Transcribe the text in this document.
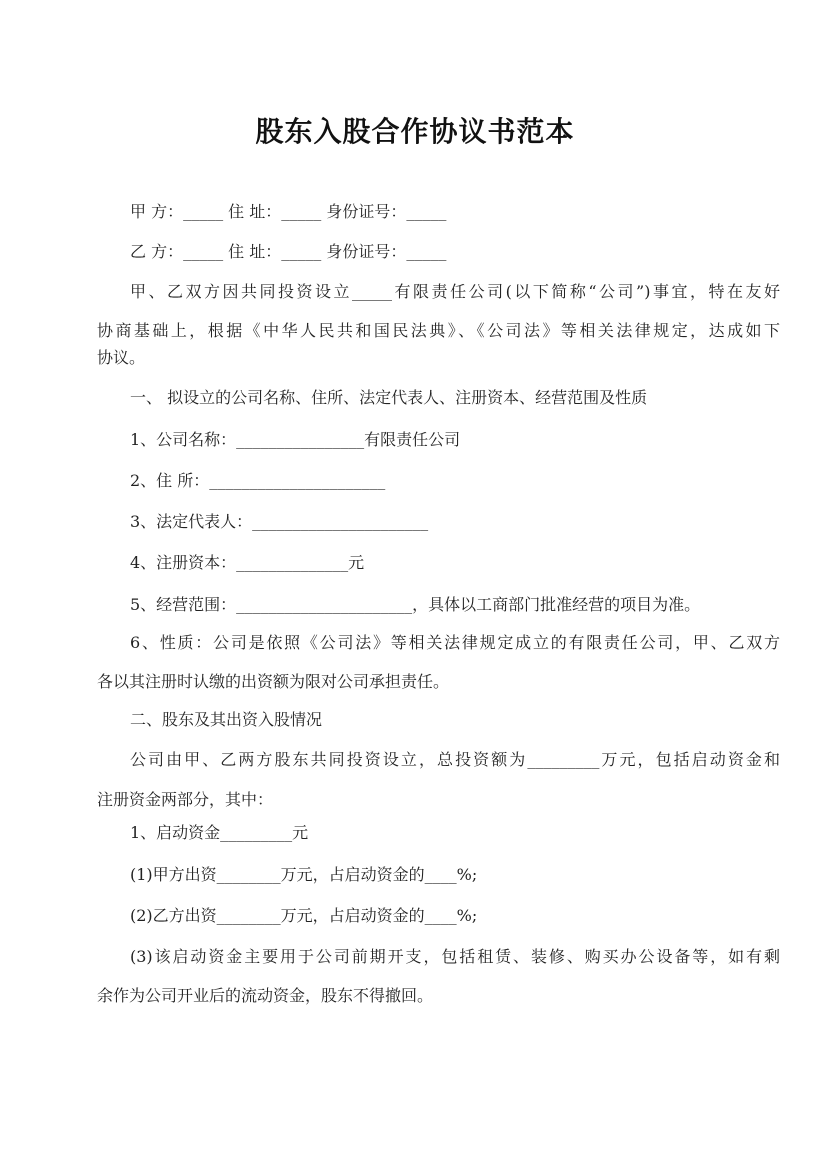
股东入股合作协议书范本
甲 方：_____ 住 址：_____ 身份证号：_____
乙 方：_____ 住 址：_____ 身份证号：_____
甲、乙双方因共同投资设立_____有限责任公司(以下简称“公司”)事宜，特在友好
协商基础上，根据《中华人民共和国民法典》、《公司法》等相关法律规定，达成如下
协议。
一、 拟设立的公司名称、住所、法定代表人、注册资本、经营范围及性质
1、公司名称：________________有限责任公司
2、住 所：______________________
3、法定代表人：______________________
4、注册资本：______________元
5、经营范围：______________________，具体以工商部门批准经营的项目为准。
6、性质：公司是依照《公司法》等相关法律规定成立的有限责任公司，甲、乙双方
各以其注册时认缴的出资额为限对公司承担责任。
二、股东及其出资入股情况
公司由甲、乙两方股东共同投资设立，总投资额为_________万元，包括启动资金和
注册资金两部分，其中：
1、启动资金_________元
(1)甲方出资________万元，占启动资金的____%;
(2)乙方出资________万元，占启动资金的____%;
(3)该启动资金主要用于公司前期开支，包括租赁、装修、购买办公设备等，如有剩
余作为公司开业后的流动资金，股东不得撤回。
